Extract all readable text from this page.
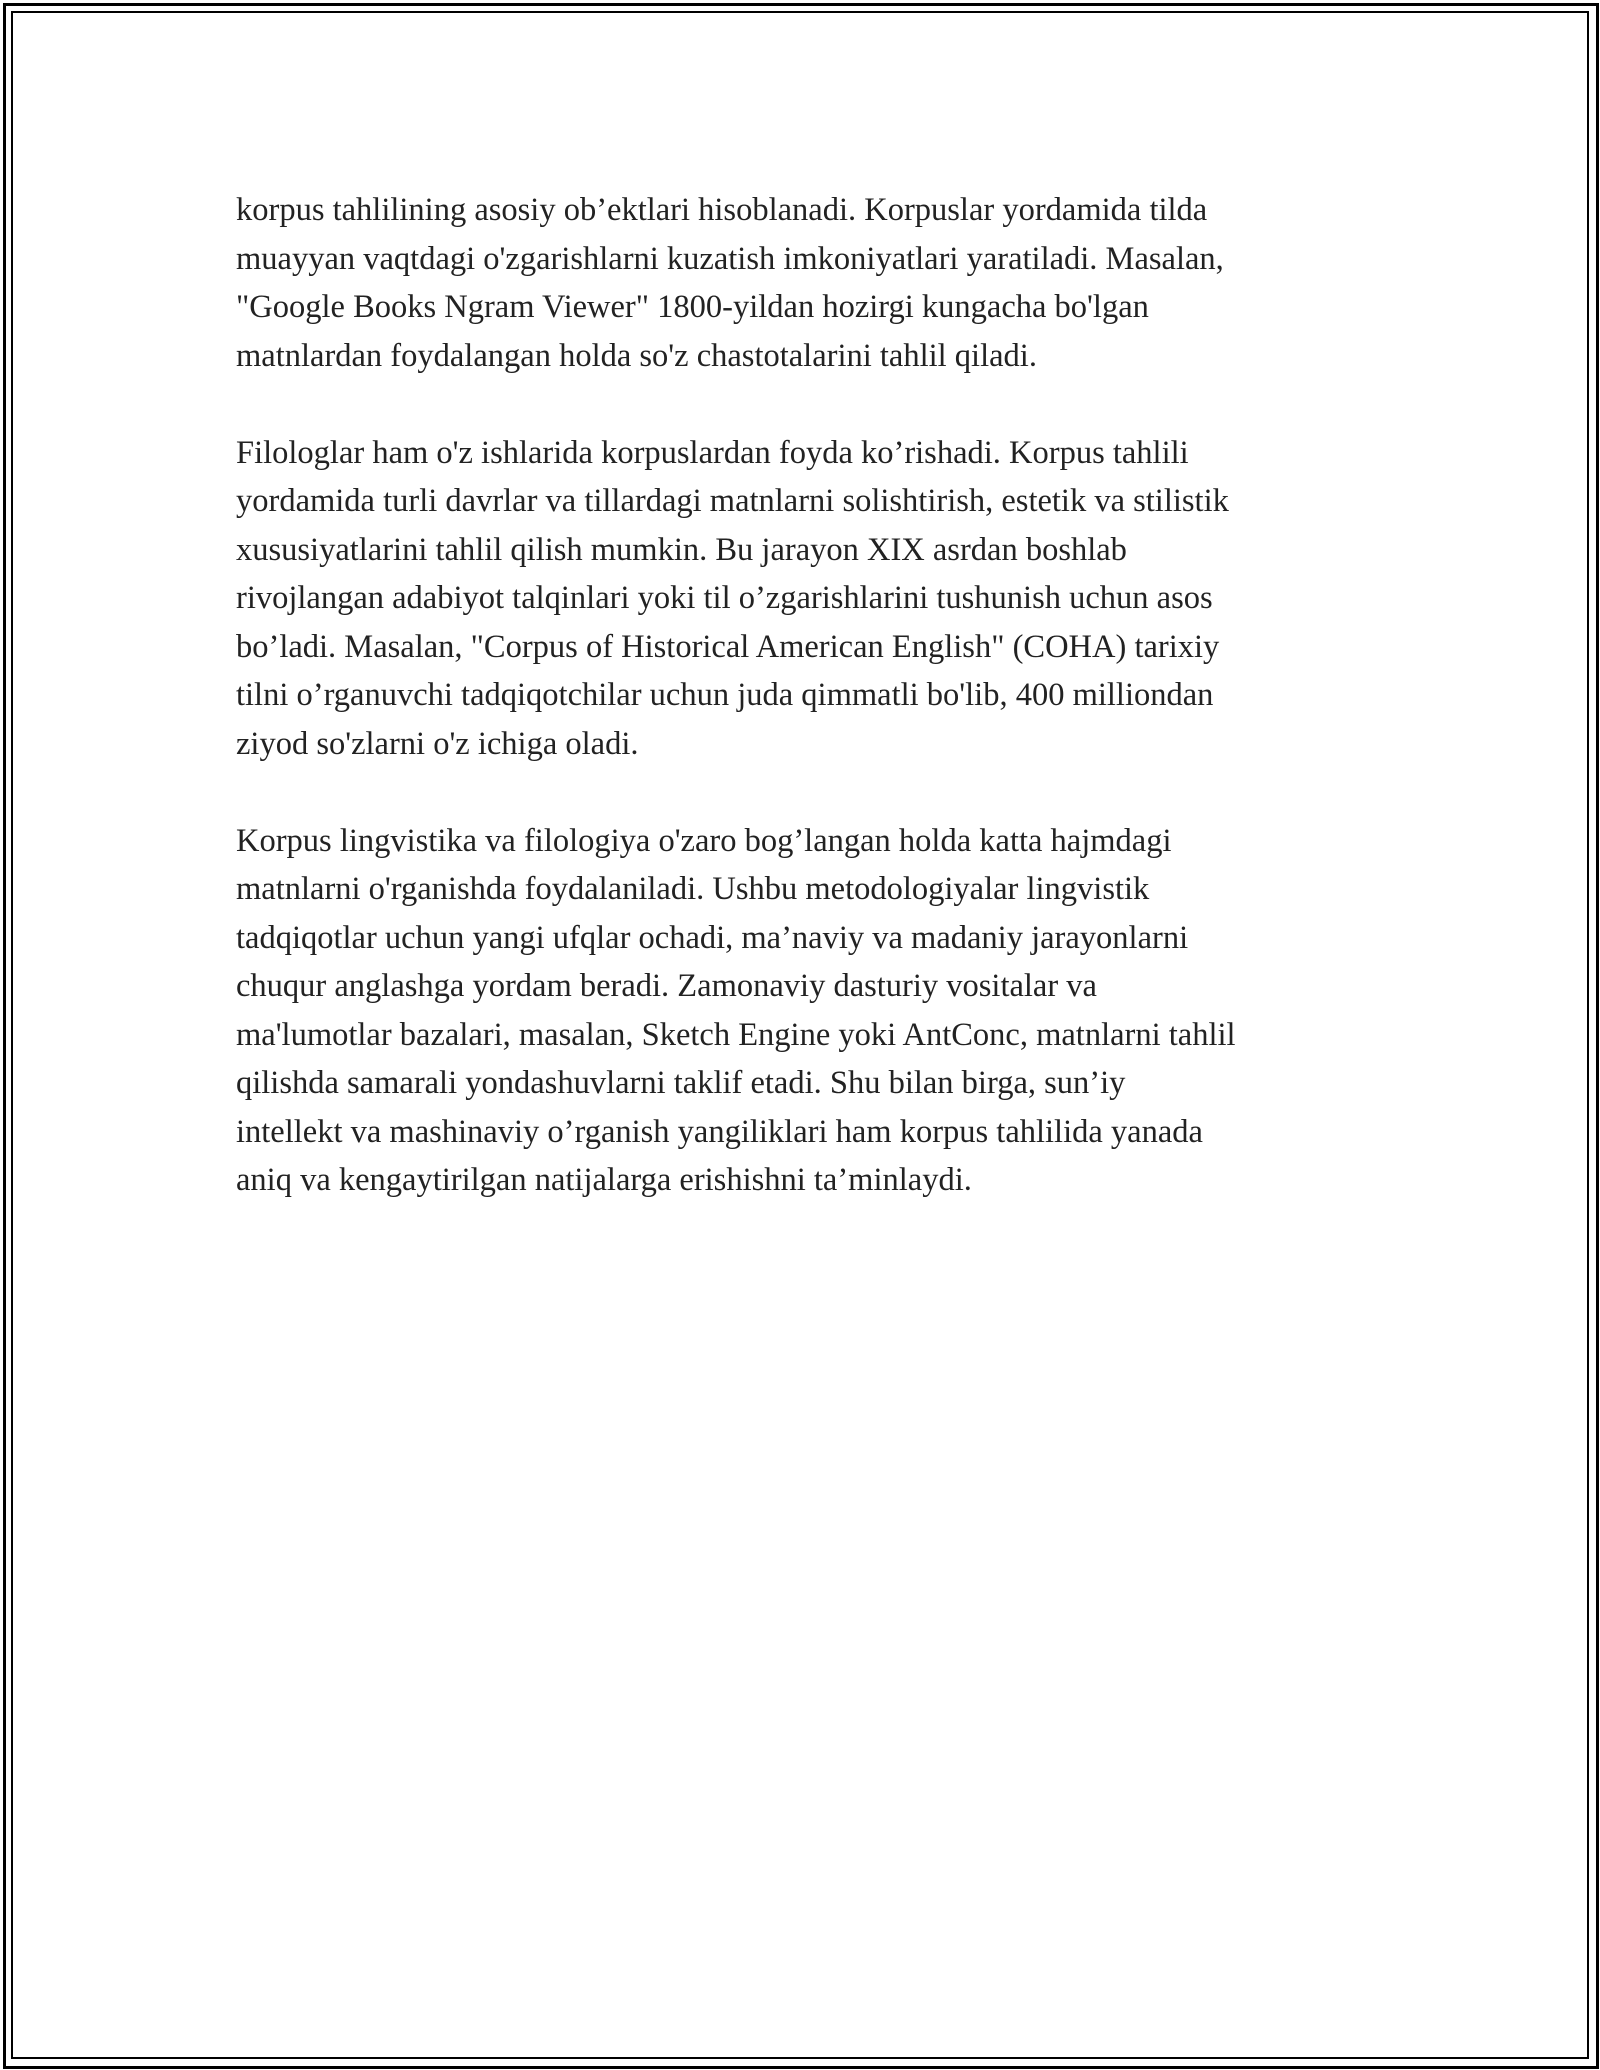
korpus tahlilining asosiy ob’ektlari hisoblanadi. Korpuslar yordamida tilda
muayyan vaqtdagi o'zgarishlarni kuzatish imkoniyatlari yaratiladi. Masalan,
"Google Books Ngram Viewer" 1800-yildan hozirgi kungacha bo'lgan
matnlardan foydalangan holda so'z chastotalarini tahlil qiladi.

Filologlar ham o'z ishlarida korpuslardan foyda ko’rishadi. Korpus tahlili
yordamida turli davrlar va tillardagi matnlarni solishtirish, estetik va stilistik
xususiyatlarini tahlil qilish mumkin. Bu jarayon XIX asrdan boshlab
rivojlangan adabiyot talqinlari yoki til o’zgarishlarini tushunish uchun asos
bo’ladi. Masalan, "Corpus of Historical American English" (COHA) tarixiy
tilni o’rganuvchi tadqiqotchilar uchun juda qimmatli bo'lib, 400 milliondan
ziyod so'zlarni o'z ichiga oladi.

Korpus lingvistika va filologiya o'zaro bog’langan holda katta hajmdagi
matnlarni o'rganishda foydalaniladi. Ushbu metodologiyalar lingvistik
tadqiqotlar uchun yangi ufqlar ochadi, ma’naviy va madaniy jarayonlarni
chuqur anglashga yordam beradi. Zamonaviy dasturiy vositalar va
ma'lumotlar bazalari, masalan, Sketch Engine yoki AntConc, matnlarni tahlil
qilishda samarali yondashuvlarni taklif etadi. Shu bilan birga, sun’iy
intellekt va mashinaviy o’rganish yangiliklari ham korpus tahlilida yanada
aniq va kengaytirilgan natijalarga erishishni ta’minlaydi.
